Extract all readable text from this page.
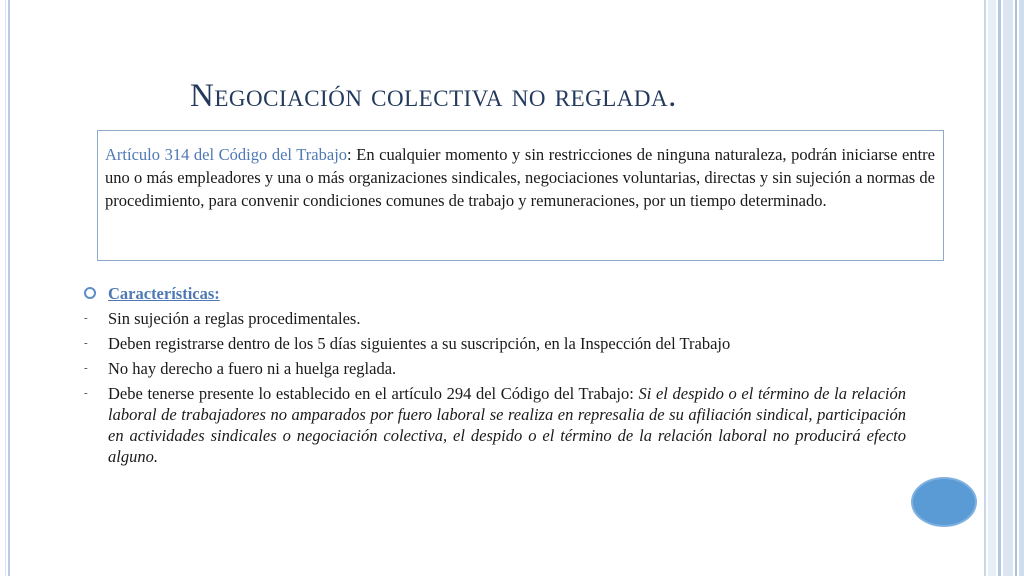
Negociación colectiva no reglada.
Artículo 314 del Código del Trabajo: En cualquier momento y sin restricciones de ninguna naturaleza, podrán iniciarse entre uno o más empleadores y una o más organizaciones sindicales, negociaciones voluntarias, directas y sin sujeción a normas de procedimiento, para convenir condiciones comunes de trabajo y remuneraciones, por un tiempo determinado.
Características:
- Sin sujeción a reglas procedimentales.
- Deben registrarse dentro de los 5 días siguientes a su suscripción, en la Inspección del Trabajo
- No hay derecho a fuero ni a huelga reglada.
- Debe tenerse presente lo establecido en el artículo 294 del Código del Trabajo: Si el despido o el término de la relación laboral de trabajadores no amparados por fuero laboral se realiza en represalia de su afiliación sindical, participación en actividades sindicales o negociación colectiva, el despido o el término de la relación laboral no producirá efecto alguno.
